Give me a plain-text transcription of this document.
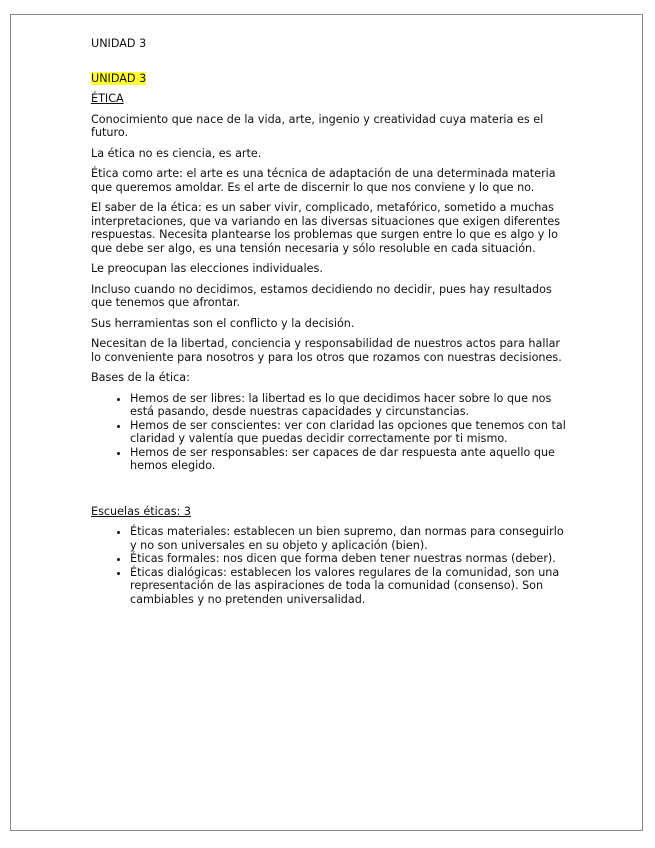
UNIDAD 3

UNIDAD 3

ÉTICA

Conocimiento que nace de la vida, arte, ingenio y creatividad cuya materia es el futuro.

La ética no es ciencia, es arte.

Ética como arte: el arte es una técnica de adaptación de una determinada materia que queremos amoldar. Es el arte de discernir lo que nos conviene y lo que no.

El saber de la ética: es un saber vivir, complicado, metafórico, sometido a muchas interpretaciones, que va variando en las diversas situaciones que exigen diferentes respuestas. Necesita plantearse los problemas que surgen entre lo que es algo y lo que debe ser algo, es una tensión necesaria y sólo resoluble en cada situación.

Le preocupan las elecciones individuales.

Incluso cuando no decidimos, estamos decidiendo no decidir, pues hay resultados que tenemos que afrontar.

Sus herramientas son el conflicto y la decisión.

Necesitan de la libertad, conciencia y responsabilidad de nuestros actos para hallar lo conveniente para nosotros y para los otros que rozamos con nuestras decisiones.

Bases de la ética:

• Hemos de ser libres: la libertad es lo que decidimos hacer sobre lo que nos está pasando, desde nuestras capacidades y circunstancias.
• Hemos de ser conscientes: ver con claridad las opciones que tenemos con tal claridad y valentía que puedas decidir correctamente por ti mismo.
• Hemos de ser responsables: ser capaces de dar respuesta ante aquello que hemos elegido.

Escuelas éticas: 3

• Éticas materiales: establecen un bien supremo, dan normas para conseguirlo y no son universales en su objeto y aplicación (bien).
• Éticas formales: nos dicen que forma deben tener nuestras normas (deber).
• Éticas dialógicas: establecen los valores regulares de la comunidad, son una representación de las aspiraciones de toda la comunidad (consenso). Son cambiables y no pretenden universalidad.
